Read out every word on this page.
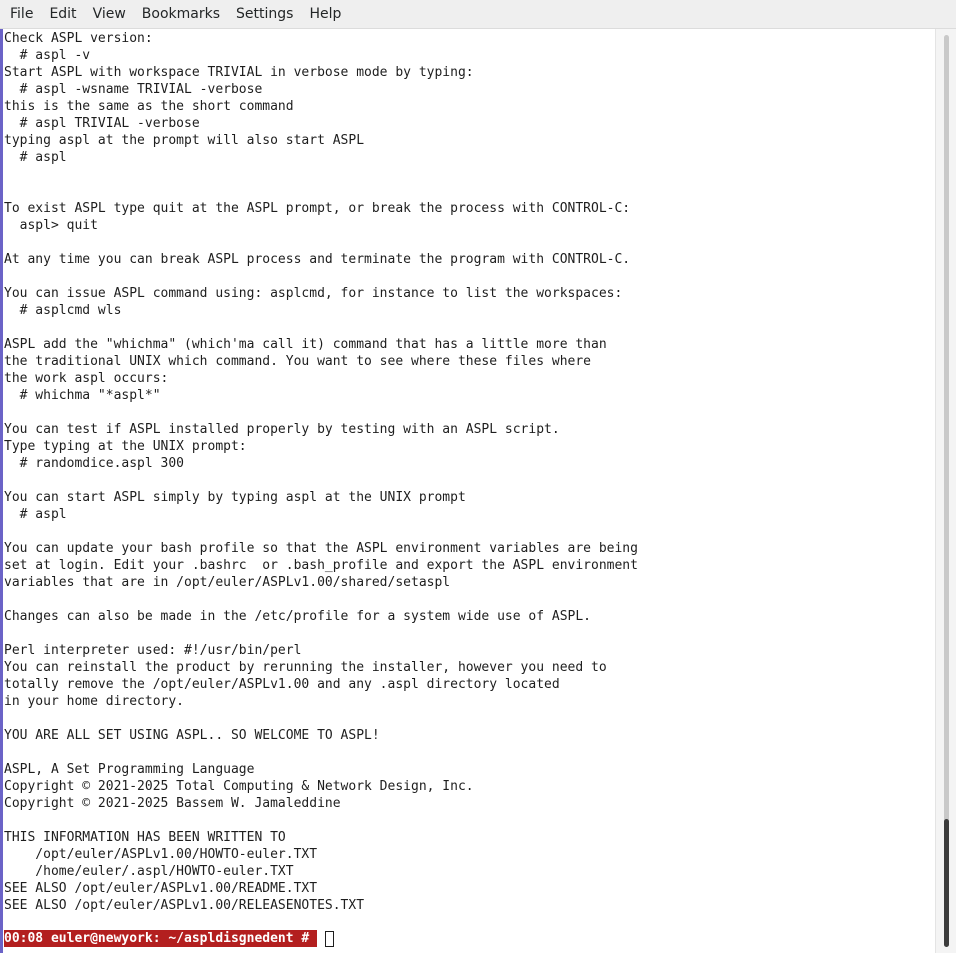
File	Edit	View	Bookmarks	Settings	Help
Check ASPL version:
# aspl -v
Start ASPL with workspace TRIVIAL in verbose mode by typing:
# aspl -wsname TRIVIAL -verbose
this is the same as the short command
# aspl TRIVIAL -verbose
typing aspl at the prompt will also start ASPL
# aspl
To exist ASPL type quit at the ASPL prompt, or break the process with CONTROL-C:
aspl> quit
At any time you can break ASPL process and terminate the program with CONTROL-C.
You can issue ASPL command using: asplcmd, for instance to list the workspaces:
# asplcmd wls
ASPL add the "whichma" (which'ma call it) command that has a little more than
the traditional UNIX which command. You want to see where these files where
the work aspl occurs:
# whichma "*aspl*"
You can test if ASPL installed properly by testing with an ASPL script.
Type typing at the UNIX prompt:
# randomdice.aspl 300
You can start ASPL simply by typing aspl at the UNIX prompt
# aspl
You can update your bash profile so that the ASPL environment variables are being
set at login. Edit your .bashrc  or .bash_profile and export the ASPL environment
variables that are in /opt/euler/ASPLv1.00/shared/setaspl
Changes can also be made in the /etc/profile for a system wide use of ASPL.
Perl interpreter used: #!/usr/bin/perl
You can reinstall the product by rerunning the installer, however you need to
totally remove the /opt/euler/ASPLv1.00 and any .aspl directory located
in your home directory.
YOU ARE ALL SET USING ASPL.. SO WELCOME TO ASPL!
ASPL, A Set Programming Language
Copyright © 2021-2025 Total Computing & Network Design, Inc.
Copyright © 2021-2025 Bassem W. Jamaleddine
THIS INFORMATION HAS BEEN WRITTEN TO
/opt/euler/ASPLv1.00/HOWTO-euler.TXT
/home/euler/.aspl/HOWTO-euler.TXT
SEE ALSO /opt/euler/ASPLv1.00/README.TXT
SEE ALSO /opt/euler/ASPLv1.00/RELEASENOTES.TXT
00:08 euler@newyork: ~/aspldisgnedent #
